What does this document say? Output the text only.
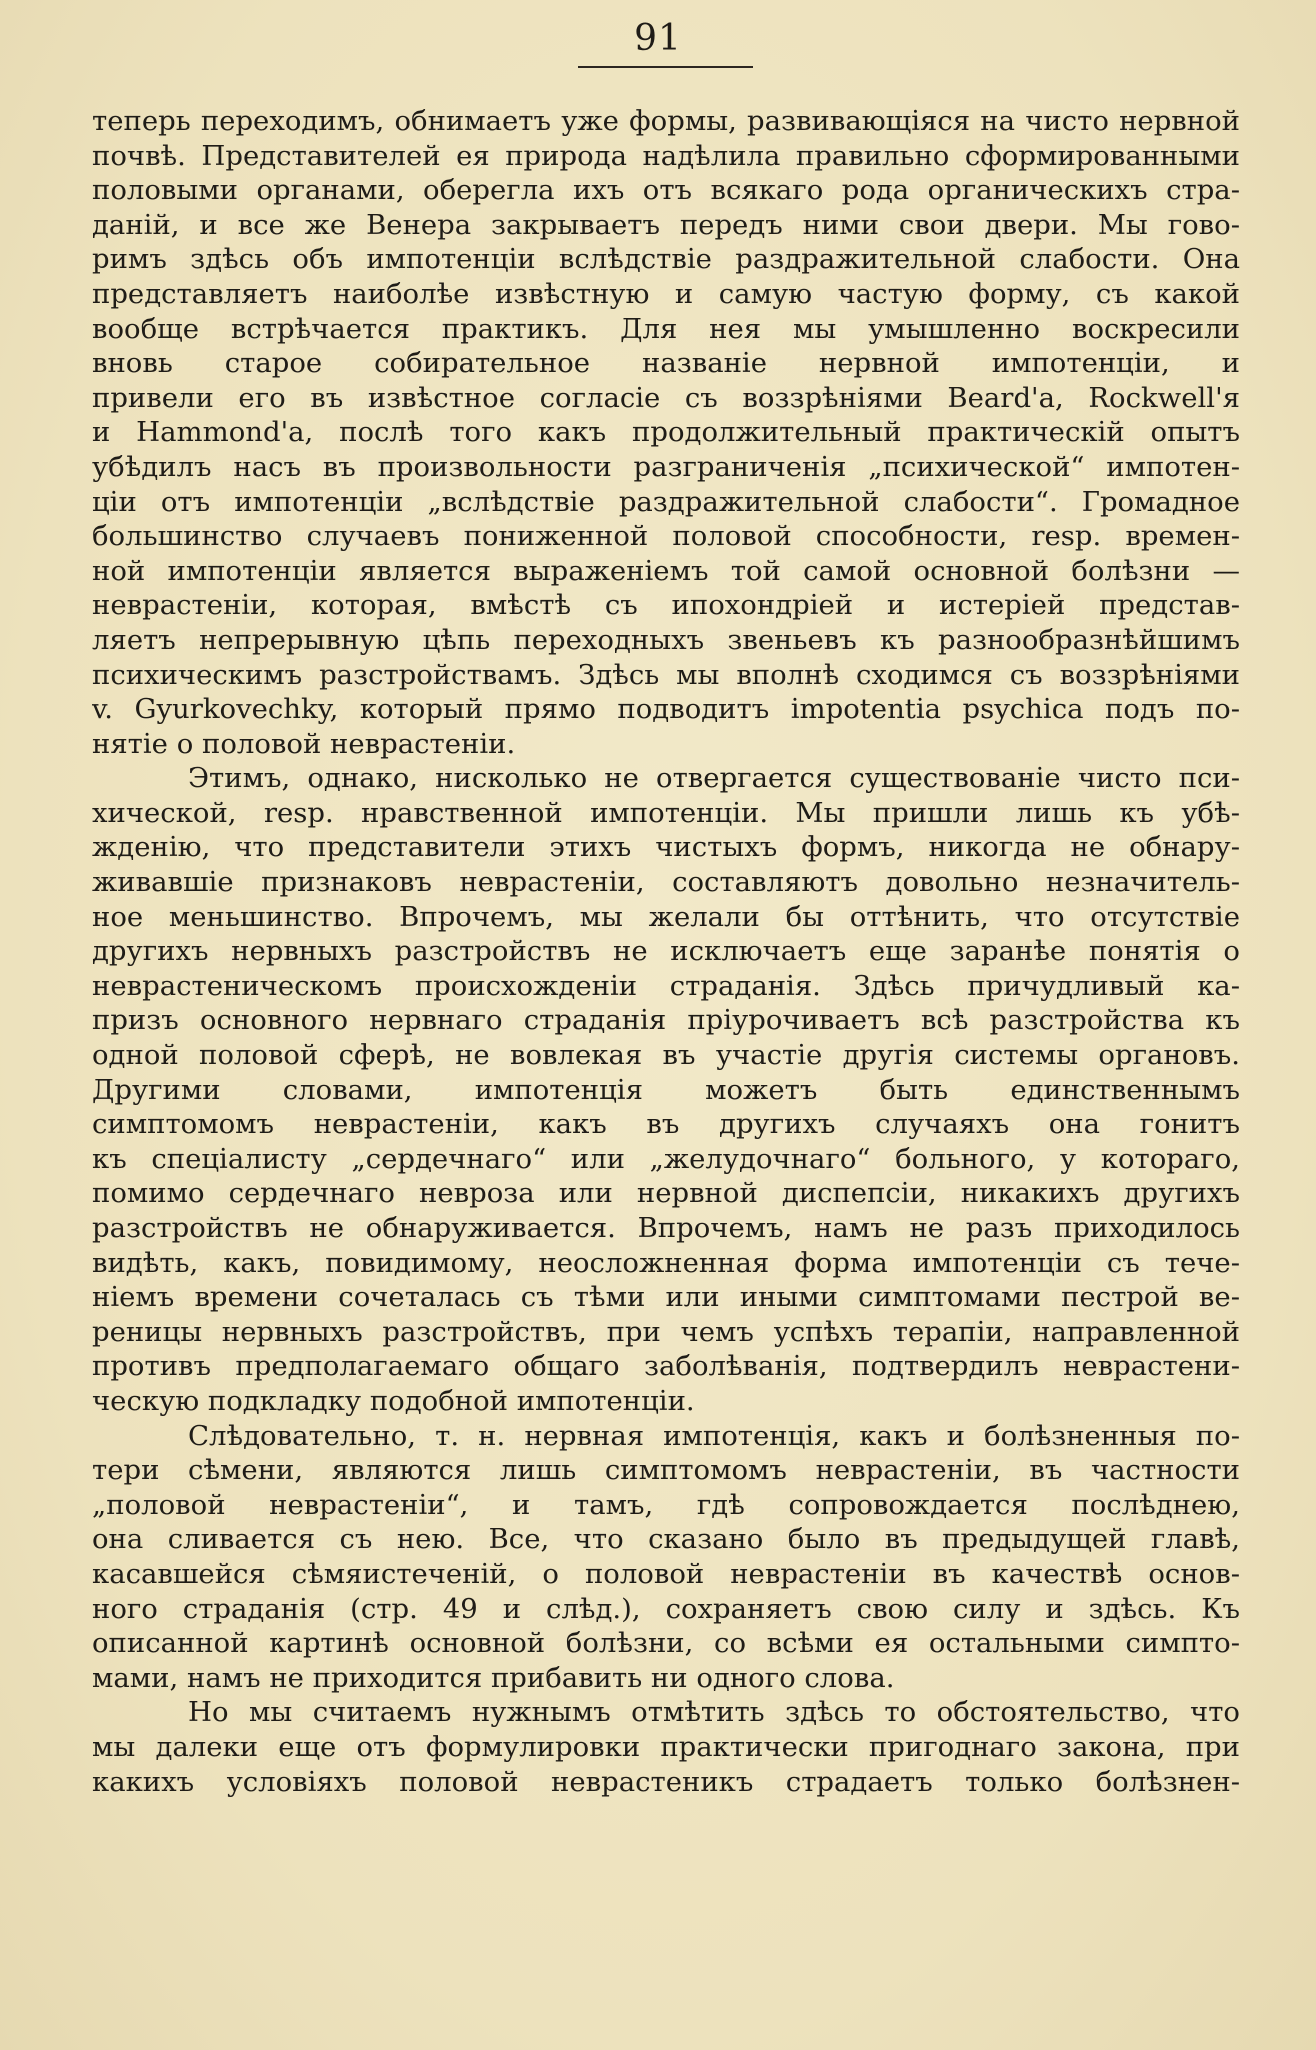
91
теперь переходимъ, обнимаетъ уже формы, развивающiяся на чисто нервной
почвѣ. Представителей ея природа надѣлила правильно сформированными
половыми органами, оберегла ихъ отъ всякаго рода органическихъ стра-
данiй, и все же Венера закрываетъ передъ ними свои двери. Мы гово-
римъ здѣсь объ импотенцiи вслѣдствiе раздражительной слабости. Она
представляетъ наиболѣе извѣстную и самую частую форму, съ какой
вообще встрѣчается практикъ. Для нея мы умышленно воскресили
вновь старое собирательное названiе нервной импотенцiи, и
привели его въ извѣстное согласiе съ воззрѣнiями Beard'а, Rockwell'я
и Hammond'а, послѣ того какъ продолжительный практическiй опытъ
убѣдилъ насъ въ произвольности разграниченiя „психической“ импотен-
цiи отъ импотенцiи „вслѣдствiе раздражительной слабости“. Громадное
большинство случаевъ пониженной половой способности, resp. времен-
ной импотенцiи является выраженiемъ той самой основной болѣзни —
неврастенiи, которая, вмѣстѣ съ ипохондрiей и истерiей представ-
ляетъ непрерывную цѣпь переходныхъ звеньевъ къ разнообразнѣйшимъ
психическимъ разстройствамъ. Здѣсь мы вполнѣ сходимся съ воззрѣнiями
v. Gyurkovechky, который прямо подводитъ impotentia psychica подъ по-
нятiе о половой неврастенiи.
Этимъ, однако, нисколько не отвергается существованiе чисто пси-
хической, resp. нравственной импотенцiи. Мы пришли лишь къ убѣ-
жденiю, что представители этихъ чистыхъ формъ, никогда не обнару-
живавшiе признаковъ неврастенiи, составляютъ довольно незначитель-
ное меньшинство. Впрочемъ, мы желали бы оттѣнить, что отсутствiе
другихъ нервныхъ разстройствъ не исключаетъ еще заранѣе понятiя о
неврастеническомъ происхожденiи страданiя. Здѣсь причудливый ка-
призъ основного нервнаго страданiя прiурочиваетъ всѣ разстройства къ
одной половой сферѣ, не вовлекая въ участiе другiя системы органовъ.
Другими словами, импотенцiя можетъ быть единственнымъ
симптомомъ неврастенiи, какъ въ другихъ случаяхъ она гонитъ
къ спецiалисту „сердечнаго“ или „желудочнаго“ больного, у котораго,
помимо сердечнаго невроза или нервной диспепсiи, никакихъ другихъ
разстройствъ не обнаруживается. Впрочемъ, намъ не разъ приходилось
видѣть, какъ, повидимому, неосложненная форма импотенцiи съ тече-
нiемъ времени сочеталась съ тѣми или иными симптомами пестрой ве-
реницы нервныхъ разстройствъ, при чемъ успѣхъ терапiи, направленной
противъ предполагаемаго общаго заболѣванiя, подтвердилъ неврастени-
ческую подкладку подобной импотенцiи.
Слѣдовательно, т. н. нервная импотенцiя, какъ и болѣзненныя по-
тери сѣмени, являются лишь симптомомъ неврастенiи, въ частности
„половой неврастенiи“, и тамъ, гдѣ сопровождается послѣднею,
она сливается съ нею. Все, что сказано было въ предыдущей главѣ,
касавшейся сѣмяистеченiй, о половой неврастенiи въ качествѣ основ-
ного страданiя (стр. 49 и слѣд.), сохраняетъ свою силу и здѣсь. Къ
описанной картинѣ основной болѣзни, со всѣми ея остальными симпто-
мами, намъ не приходится прибавить ни одного слова.
Но мы считаемъ нужнымъ отмѣтить здѣсь то обстоятельство, что
мы далеки еще отъ формулировки практически пригоднаго закона, при
какихъ условiяхъ половой неврастеникъ страдаетъ только болѣзнен-
